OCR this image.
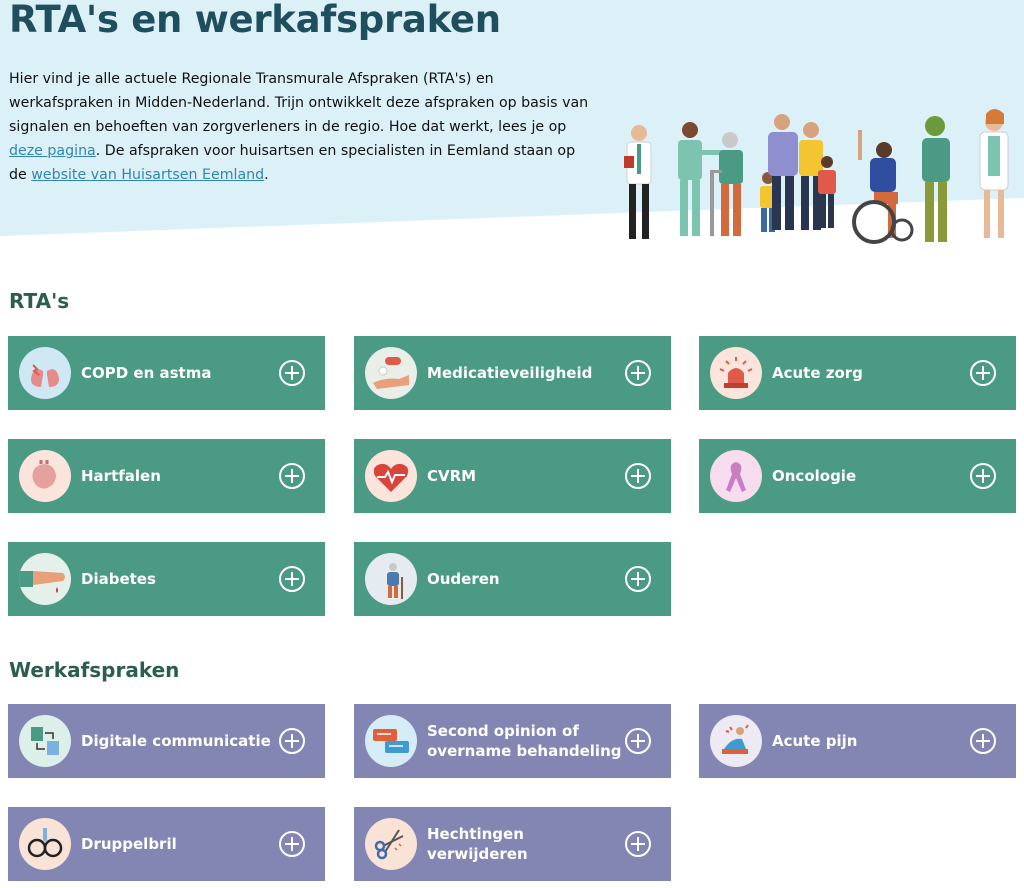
RTA's en werkafspraken

Hier vind je alle actuele Regionale Transmurale Afspraken (RTA's) en werkafspraken in Midden-Nederland. Trijn ontwikkelt deze afspraken op basis van signalen en behoeften van zorgverleners in de regio. Hoe dat werkt, lees je op deze pagina. De afspraken voor huisartsen en specialisten in Eemland staan op de website van Huisartsen Eemland.

RTA's
COPD en astma	Medicatieveiligheid	Acute zorg
Hartfalen	CVRM	Oncologie
Diabetes	Ouderen
Werkafspraken
Digitale communicatie
Second opinion of overname behandeling
Acute pijn
Druppelbril
Hechtingen verwijderen
